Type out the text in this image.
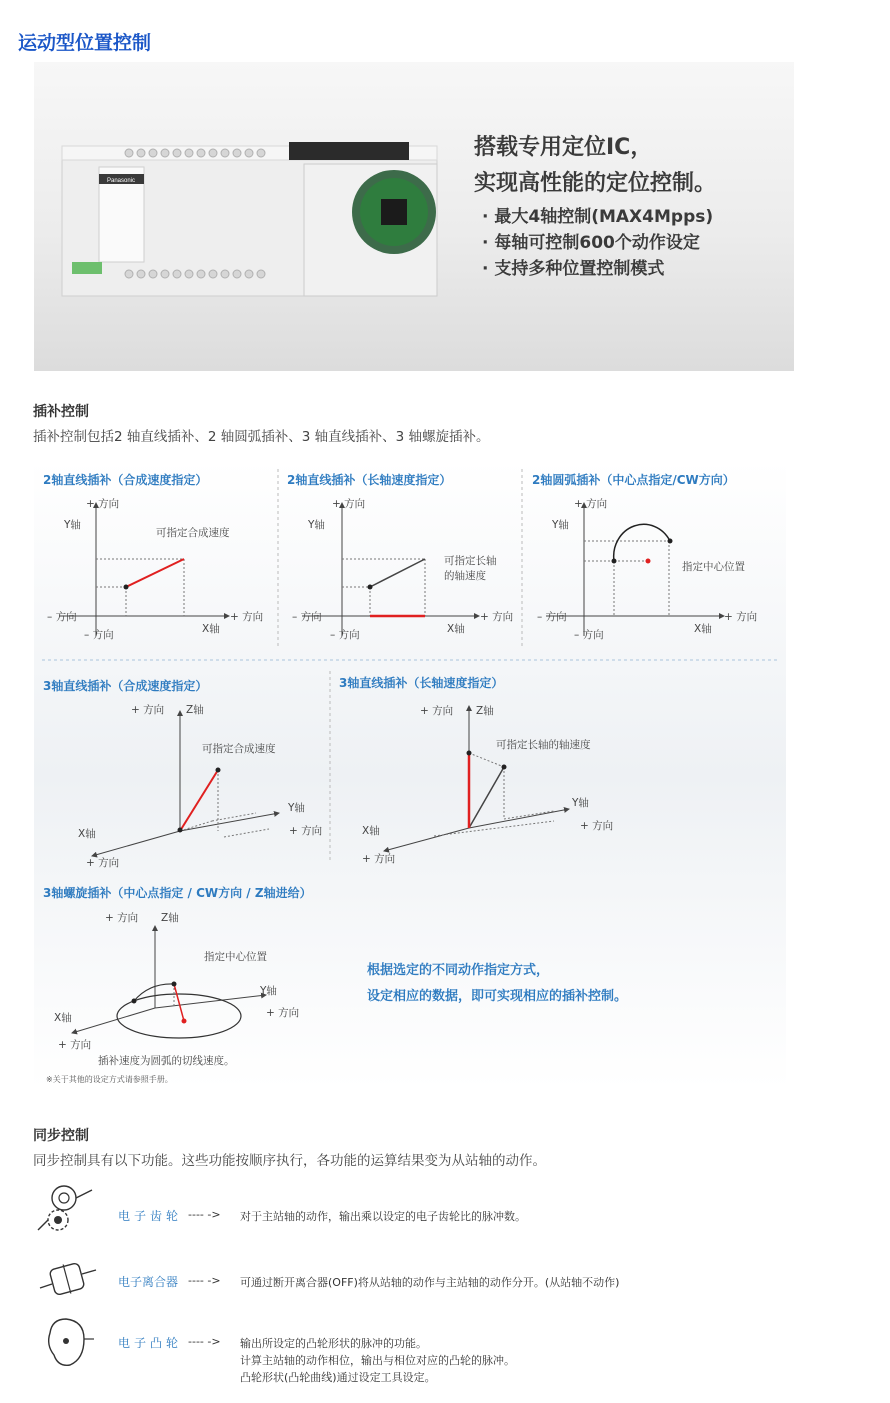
运动型位置控制
Panasonic
搭载专用定位IC，
实现高性能的定位控制。
· 最大4轴控制(MAX4Mpps)
· 每轴可控制600个动作设定
· 支持多种位置控制模式
插补控制
插补控制包括2 轴直线插补、2 轴圆弧插补、3 轴直线插补、3 轴螺旋插补。
2轴直线插补（合成速度指定）	2轴直线插补（长轴速度指定）	2轴圆弧插补（中心点指定/CW方向）
3轴直线插补（合成速度指定）	3轴直线插补（长轴速度指定）
3轴螺旋插补（中心点指定 / CW方向 / Z轴进给）
+ 方向
Y轴
可指定合成速度
– 方向	+ 方向
X轴
– 方向
+ 方向
Y轴
可指定长轴
的轴速度
– 方向	+ 方向
X轴
– 方向
+ 方向
Y轴
指定中心位置
– 方向	+ 方向
X轴
– 方向
+ 方向 Z轴
可指定合成速度
Y轴
+ 方向
X轴
+ 方向
+ 方向 Z轴
可指定长轴的轴速度
Y轴
+ 方向
X轴
+ 方向
+ 方向 Z轴
指定中心位置
Y轴
+ 方向
X轴
+ 方向
插补速度为圆弧的切线速度。
根据选定的不同动作指定方式，
设定相应的数据，即可实现相应的插补控制。
※关于其他的设定方式请参照手册。
同步控制
同步控制具有以下功能。这些功能按顺序执行，各功能的运算结果变为从站轴的动作。
电子齿轮 ---- -> 对于主站轴的动作，输出乘以设定的电子齿轮比的脉冲数。
电子离合器 ---- -> 可通过断开离合器(OFF)将从站轴的动作与主站轴的动作分开。(从站轴不动作)
电子凸轮 ---- -> 输出所设定的凸轮形状的脉冲的功能。
计算主站轴的动作相位，输出与相位对应的凸轮的脉冲。
凸轮形状(凸轮曲线)通过设定工具设定。
